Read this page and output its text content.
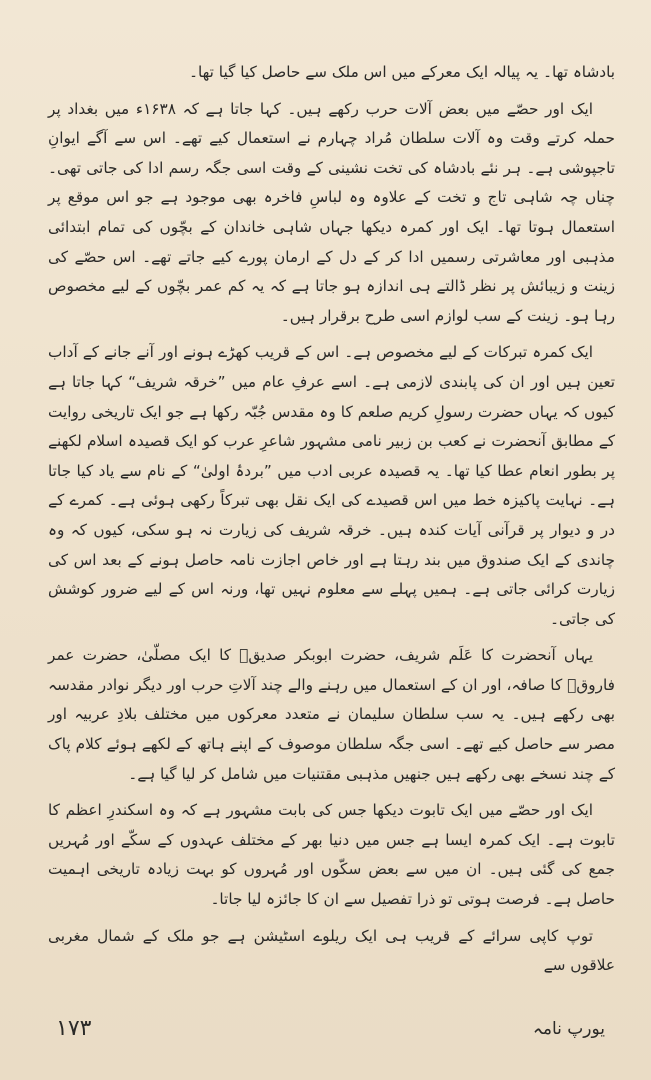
بادشاہ تھا۔ یہ پیالہ ایک معرکے میں اس ملک سے حاصل کیا گیا تھا۔

ایک اور حصّے میں بعض آلات حرب رکھے ہیں۔ کہا جاتا ہے کہ ۱۶۳۸ء میں بغداد پر حملہ کرتے وقت وہ آلات سلطان مُراد چہارم نے استعمال کیے تھے۔ اس سے آگے ایوانِ تاجپوشی ہے۔ ہر نئے بادشاہ کی تخت نشینی کے وقت اسی جگہ رسم ادا کی جاتی تھی۔ چناں چہ شاہی تاج و تخت کے علاوہ وہ لباسِ فاخرہ بھی موجود ہے جو اس موقع پر استعمال ہوتا تھا۔ ایک اور کمرہ دیکھا جہاں شاہی خاندان کے بچّوں کی تمام ابتدائی مذہبی اور معاشرتی رسمیں ادا کر کے دل کے ارمان پورے کیے جاتے تھے۔ اس حصّے کی زینت و زیبائش پر نظر ڈالتے ہی اندازہ ہو جاتا ہے کہ یہ کم عمر بچّوں کے لیے مخصوص رہا ہو۔ زینت کے سب لوازم اسی طرح برقرار ہیں۔

ایک کمرہ تبرکات کے لیے مخصوص ہے۔ اس کے قریب کھڑے ہونے اور آنے جانے کے آداب تعین ہیں اور ان کی پابندی لازمی ہے۔ اسے عرفِ عام میں ”خرقہ شریف“ کہا جاتا ہے کیوں کہ یہاں حضرت رسولِ کریم صلعم کا وہ مقدس جُبّہ رکھا ہے جو ایک تاریخی روایت کے مطابق آنحضرت نے کعب بن زبیر نامی مشہور شاعرِ عرب کو ایک قصیدہ اسلام لکھنے پر بطور انعام عطا کیا تھا۔ یہ قصیدہ عربی ادب میں ”بردۂ اولیٰ“ کے نام سے یاد کیا جاتا ہے۔ نہایت پاکیزہ خط میں اس قصیدے کی ایک نقل بھی تبرکاً رکھی ہوئی ہے۔ کمرے کے در و دیوار پر قرآنی آیات کندہ ہیں۔ خرقہ شریف کی زیارت نہ ہو سکی، کیوں کہ وہ چاندی کے ایک صندوق میں بند رہتا ہے اور خاص اجازت نامہ حاصل ہونے کے بعد اس کی زیارت کرائی جاتی ہے۔ ہمیں پہلے سے معلوم نہیں تھا، ورنہ اس کے لیے ضرور کوشش کی جاتی۔

یہاں آنحضرت کا عَلَم شریف، حضرت ابوبکر صدیقؓ کا ایک مصلّیٰ، حضرت عمر فاروقؓ کا صافہ، اور ان کے استعمال میں رہنے والے چند آلاتِ حرب اور دیگر نوادر مقدسہ بھی رکھے ہیں۔ یہ سب سلطان سلیمان نے متعدد معرکوں میں مختلف بلادِ عربیہ اور مصر سے حاصل کیے تھے۔ اسی جگہ سلطان موصوف کے اپنے ہاتھ کے لکھے ہوئے کلام پاک کے چند نسخے بھی رکھے ہیں جنھیں مذہبی مقتنیات میں شامل کر لیا گیا ہے۔

ایک اور حصّے میں ایک تابوت دیکھا جس کی بابت مشہور ہے کہ وہ اسکندرِ اعظم کا تابوت ہے۔ ایک کمرہ ایسا ہے جس میں دنیا بھر کے مختلف عہدوں کے سکّے اور مُہریں جمع کی گئی ہیں۔ ان میں سے بعض سکّوں اور مُہروں کو بہت زیادہ تاریخی اہمیت حاصل ہے۔ فرصت ہوتی تو ذرا تفصیل سے ان کا جائزہ لیا جاتا۔

توپ کاپی سرائے کے قریب ہی ایک ریلوے اسٹیشن ہے جو ملک کے شمال مغربی علاقوں سے

۱۷۳	یورپ نامہ
